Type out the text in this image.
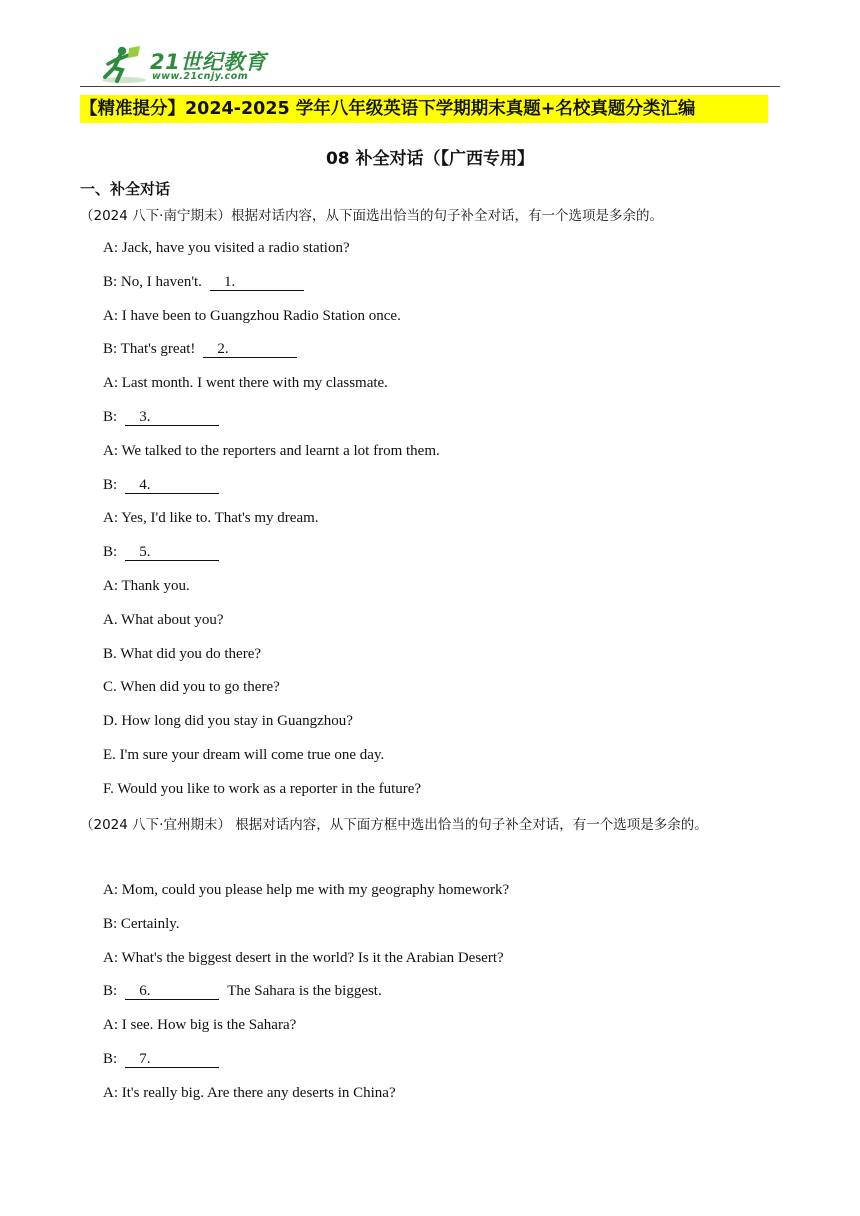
21世纪教育
www.21cnjy.com
【精准提分】2024-2025 学年八年级英语下学期期末真题+名校真题分类汇编
08 补全对话（【广西专用】
一、补全对话
（2024 八下·南宁期末）根据对话内容，从下面选出恰当的句子补全对话，有一个选项是多余的。
A: Jack, have you visited a radio station?
B: No, I haven't. 1.
A: I have been to Guangzhou Radio Station once.
B: That's great! 2.
A: Last month. I went there with my classmate.
B: 3.
A: We talked to the reporters and learnt a lot from them.
B: 4.
A: Yes, I'd like to. That's my dream.
B: 5.
A: Thank you.
A. What about you?
B. What did you do there?
C. When did you to go there?
D. How long did you stay in Guangzhou?
E. I'm sure your dream will come true one day.
F. Would you like to work as a reporter in the future?
（2024 八下·宜州期末） 根据对话内容，从下面方框中选出恰当的句子补全对话，有一个选项是多余的。
A: Mom, could you please help me with my geography homework?
B: Certainly.
A: What's the biggest desert in the world? Is it the Arabian Desert?
B: 6.	The Sahara is the biggest.
A: I see. How big is the Sahara?
B: 7.
A: It's really big. Are there any deserts in China?
